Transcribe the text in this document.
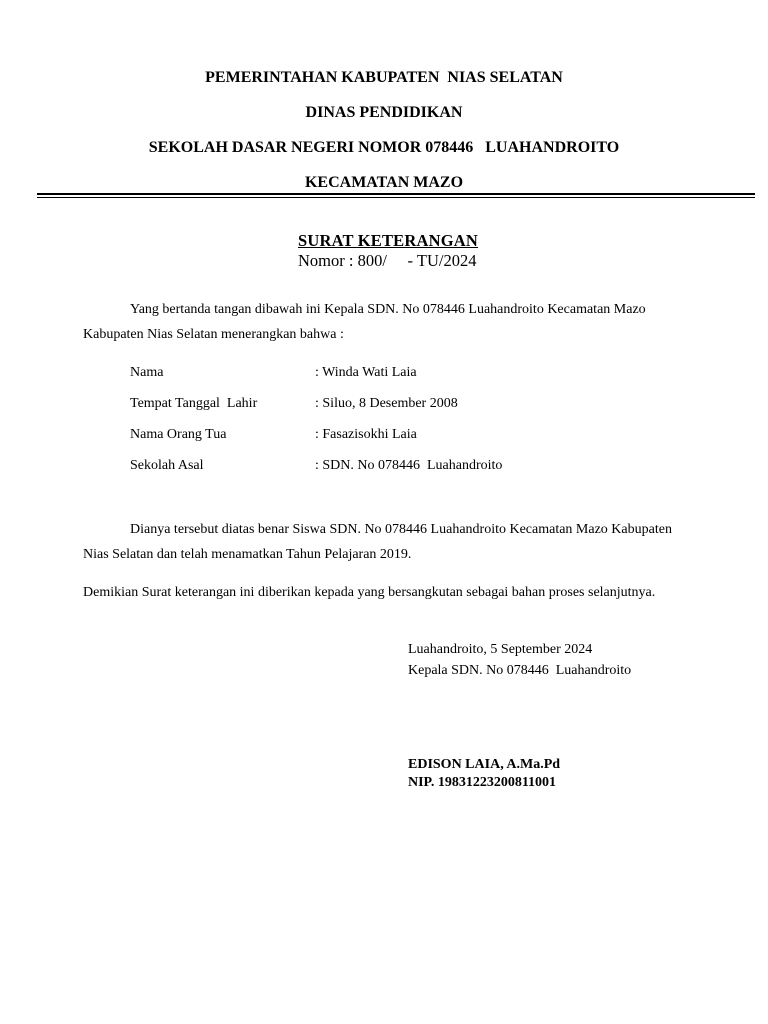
PEMERINTAHAN KABUPATEN  NIAS SELATAN
DINAS PENDIDIKAN
SEKOLAH DASAR NEGERI NOMOR 078446   LUAHANDROITO
KECAMATAN MAZO
SURAT KETERANGAN
Nomor : 800/     - TU/2024
Yang bertanda tangan dibawah ini Kepala SDN. No 078446 Luahandroito Kecamatan Mazo
Kabupaten Nias Selatan menerangkan bahwa :
Nama	: Winda Wati Laia
Tempat Tanggal  Lahir	: Siluo, 8 Desember 2008
Nama Orang Tua	: Fasazisokhi Laia
Sekolah Asal	: SDN. No 078446  Luahandroito
Dianya tersebut diatas benar Siswa SDN. No 078446 Luahandroito Kecamatan Mazo Kabupaten
Nias Selatan dan telah menamatkan Tahun Pelajaran 2019.
Demikian Surat keterangan ini diberikan kepada yang bersangkutan sebagai bahan proses selanjutnya.
Luahandroito, 5 September 2024
Kepala SDN. No 078446  Luahandroito
EDISON LAIA, A.Ma.Pd
NIP. 19831223200811001
